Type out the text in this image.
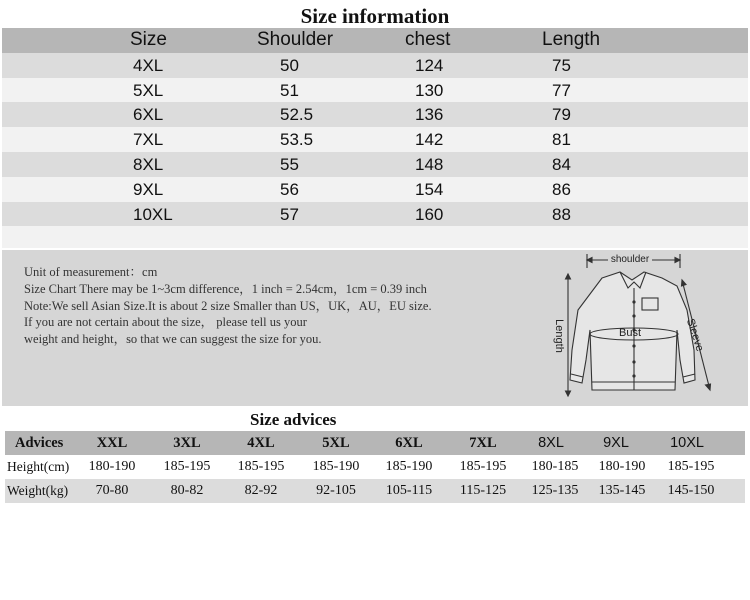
Size information
Size	Shoulder	chest	Length
4XL	50	124	75
5XL	51	130	77
6XL	52.5	136	79
7XL	53.5	142	81
8XL	55	148	84
9XL	56	154	86
10XL	57	160	88
Unit of measurement：cm
Size Chart There may be 1~3cm difference，1 inch = 2.54cm，1cm = 0.39 inch
Note:We sell Asian Size.It is about 2 size Smaller than US，UK，AU，EU size.
If you are not certain about the size， please tell us your
weight and height，so that we can suggest the size for you.
shoulder
Length	Bust	Sleeve
Size advices
Advices	XXL	3XL	4XL	5XL	6XL	7XL	8XL	9XL	10XL
Height(cm)	180-190	185-195	185-195	185-190	185-190	185-195	180-185	180-190	185-195
Weight(kg)	70-80	80-82	82-92	92-105	105-115	115-125	125-135	135-145	145-150
